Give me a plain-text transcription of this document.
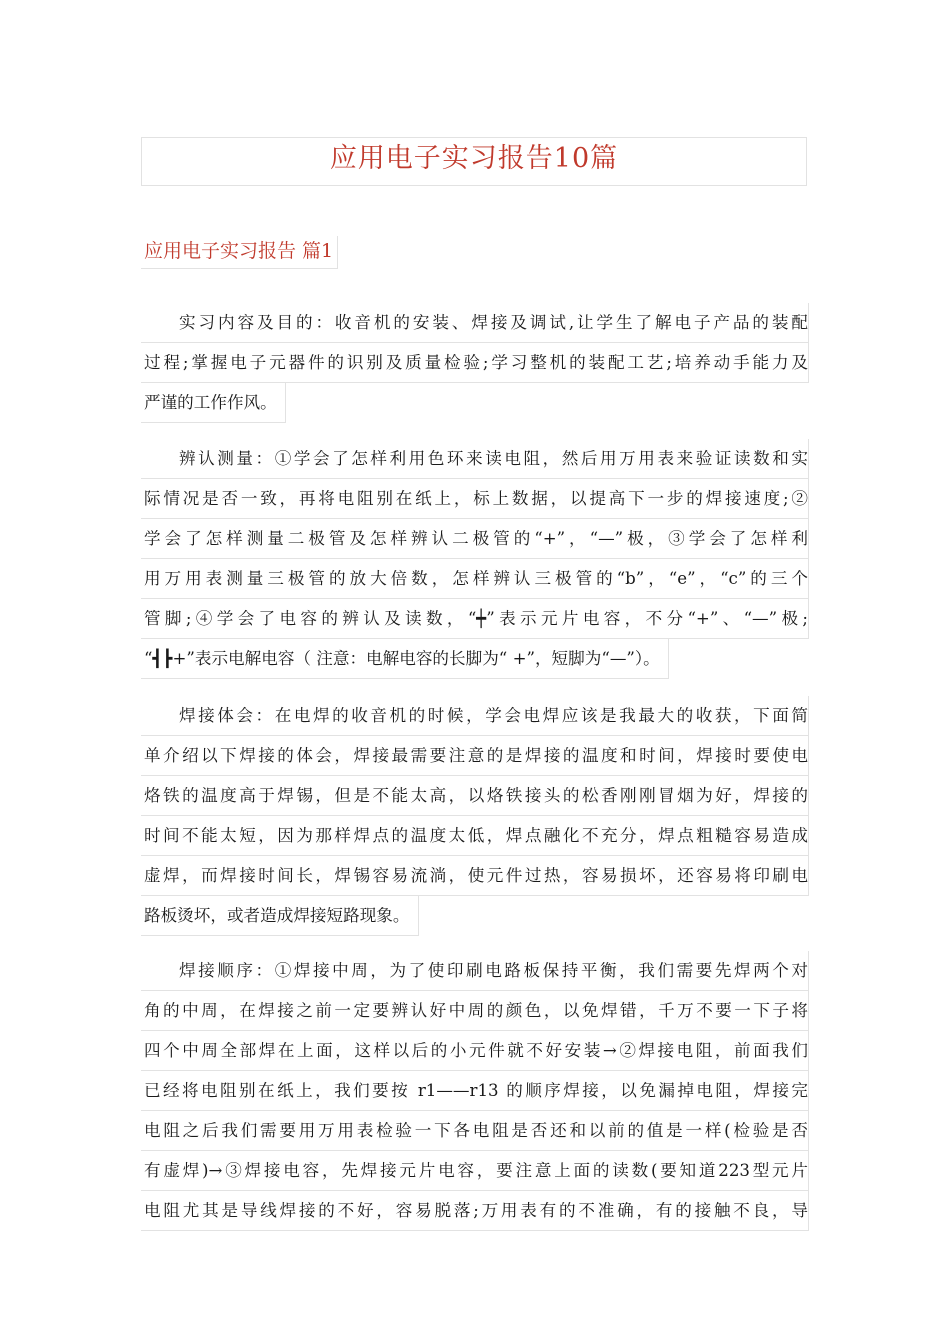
应用电子实习报告10篇
应用电子实习报告 篇1
实习内容及目的：收音机的安装、焊接及调试,让学生了解电子产品的装配
过程;掌握电子元器件的识别及质量检验;学习整机的装配工艺;培养动手能力及
严谨的工作作风。
辨认测量：①学会了怎样利用色环来读电阻，然后用万用表来验证读数和实
际情况是否一致，再将电阻别在纸上，标上数据，以提高下一步的焊接速度;②
学会了怎样测量二极管及怎样辨认二极管的“+”，“—”极，③学会了怎样利
用万用表测量三极管的放大倍数，怎样辨认三极管的“b”，“e”，“c”的三个
管脚;④学会了电容的辨认及读数，“┿”表示元片电容，不分“+”、“—”极;
“┫┣+”表示电解电容（ 注意：电解电容的长脚为“ +”，短脚为“—”）。
焊接体会：在电焊的收音机的时候，学会电焊应该是我最大的收获，下面简
单介绍以下焊接的体会，焊接最需要注意的是焊接的温度和时间，焊接时要使电
烙铁的温度高于焊锡，但是不能太高，以烙铁接头的松香刚刚冒烟为好，焊接的
时间不能太短，因为那样焊点的温度太低，焊点融化不充分，焊点粗糙容易造成
虚焊，而焊接时间长，焊锡容易流淌，使元件过热，容易损坏，还容易将印刷电
路板烫坏，或者造成焊接短路现象。
焊接顺序：①焊接中周，为了使印刷电路板保持平衡，我们需要先焊两个对
角的中周，在焊接之前一定要辨认好中周的颜色，以免焊错，千万不要一下子将
四个中周全部焊在上面，这样以后的小元件就不好安装→②焊接电阻，前面我们
已经将电阻别在纸上，我们要按 r1——r13 的顺序焊接，以免漏掉电阻，焊接完
电阻之后我们需要用万用表检验一下各电阻是否还和以前的值是一样(检验是否
有虚焊)→③焊接电容，先焊接元片电容，要注意上面的读数(要知道223型元片
电阻尤其是导线焊接的不好，容易脱落;万用表有的不准确，有的接触不良，导
